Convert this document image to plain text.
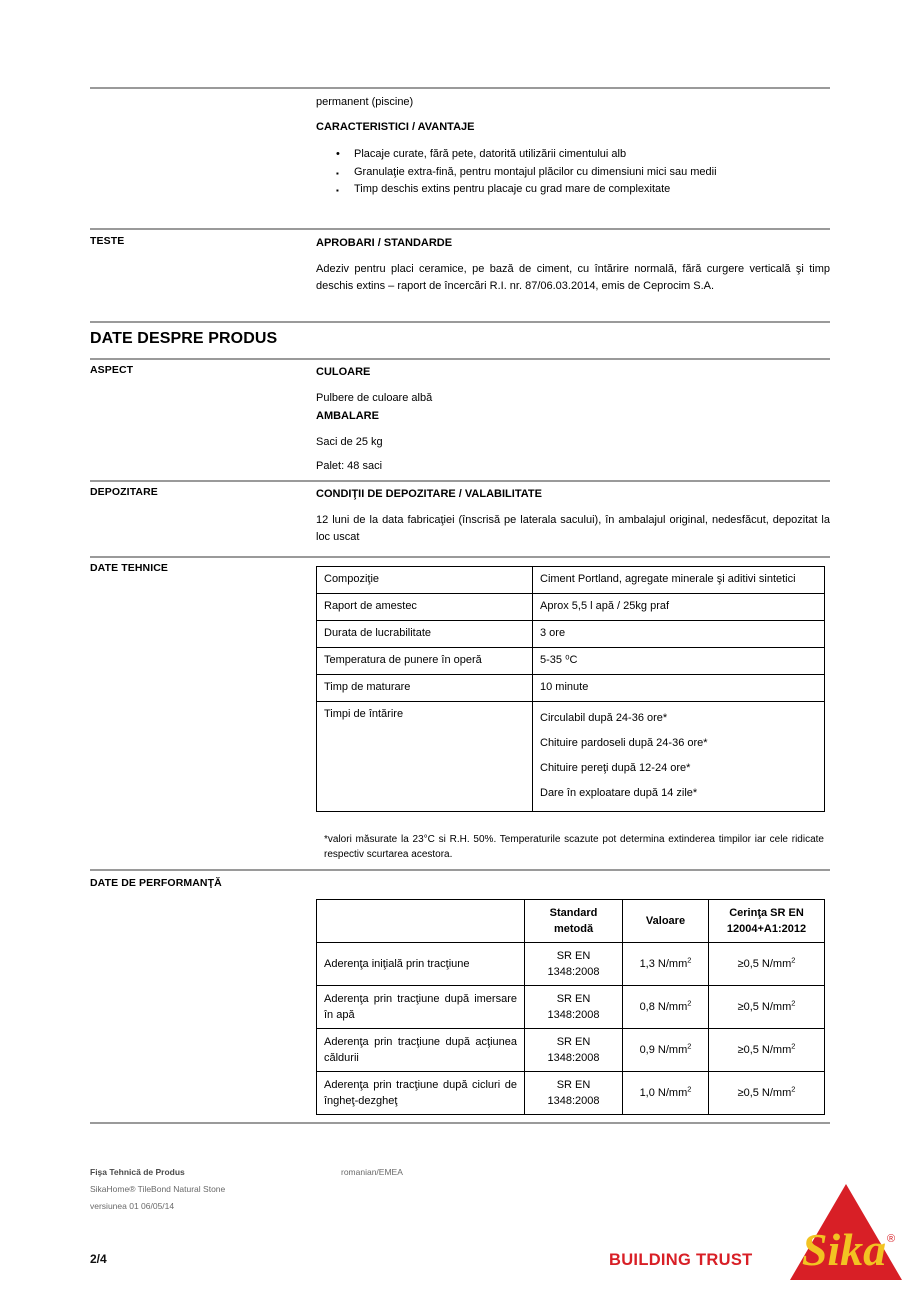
permanent (piscine)
CARACTERISTICI / AVANTAJE
• Placaje curate, fără pete, datorită utilizării cimentului alb
▪ Granulaţie extra-fină, pentru montajul plăcilor cu dimensiuni mici sau medii
▪ Timp deschis extins pentru placaje cu grad mare de complexitate
TESTE	APROBARI / STANDARDE
Adeziv pentru placi ceramice, pe bază de ciment, cu întărire normală, fără curgere verticală şi timp deschis extins – raport de încercări R.I. nr. 87/06.03.2014, emis de Ceprocim S.A.
DATE DESPRE PRODUS
ASPECT	CULOARE
Pulbere de culoare albă
AMBALARE
Saci de 25 kg
Palet: 48 saci
DEPOZITARE	CONDIŢII DE DEPOZITARE / VALABILITATE
12 luni de la data fabricaţiei (înscrisă pe laterala sacului), în ambalajul original, nedesfăcut, depozitat la loc uscat
DATE TEHNICE
Compoziţie	Ciment Portland, agregate minerale şi aditivi sintetici
Raport de amestec	Aprox 5,5 l apă / 25kg praf
Durata de lucrabilitate	3 ore
Temperatura de punere în operă	5-35 ⁰C
Timp de maturare	10 minute
Timpi de întărire	Circulabil după 24-36 ore*

Chituire pardoseli după 24-36 ore*

Chituire pereţi după 12-24 ore*

Dare în exploatare după 14 zile*

*valori măsurate la 23°C si R.H. 50%. Temperaturile scazute pot determina extinderea timpilor iar cele ridicate respectiv scurtarea acestora.
DATE DE PERFORMANŢĂ
	Standard metodă	Valoare	Cerinţa SR EN 12004+A1:2012
Aderenţa iniţială prin tracţiune	SR EN 1348:2008	1,3 $N/mm^2$	≥0,5 $N/mm^2$
Aderenţa prin tracţiune după imersare în apă	SR EN 1348:2008	0,8 $N/mm^2$	≥0,5 $N/mm^2$
Aderenţa prin tracţiune după acţiunea căldurii	SR EN 1348:2008	0,9 $N/mm^2$	≥0,5 $N/mm^2$
Aderenţa prin tracţiune după cicluri de îngheţ-dezgheţ	SR EN 1348:2008	1,0 $N/mm^2$	≥0,5 $N/mm^2$
Fişa Tehnică de Produs
SikaHome® TileBond Natural Stone
versiunea 01 06/05/14
romanian/EMEA
2/4	BUILDING TRUST Sika ®
